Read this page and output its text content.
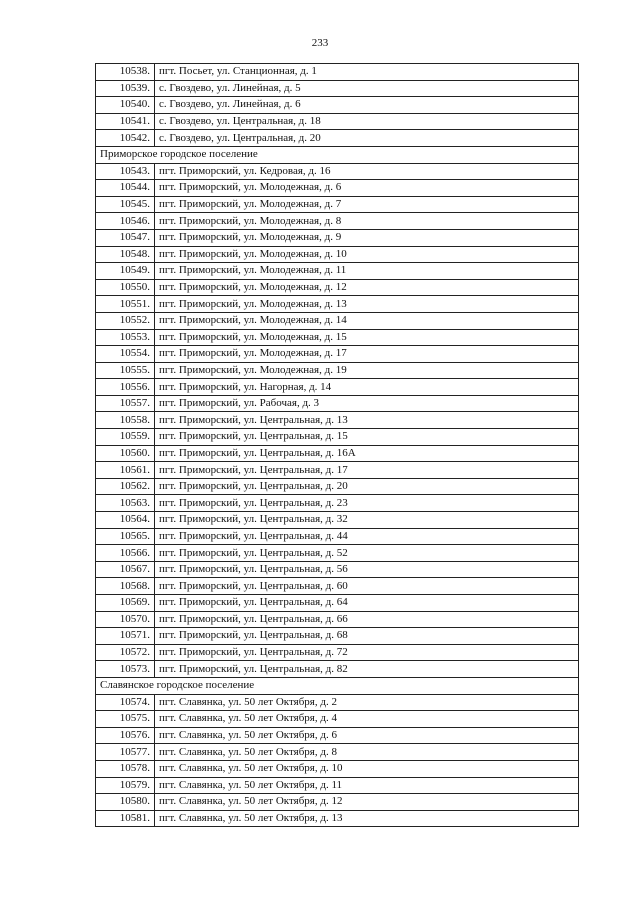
233
10538.	пгт. Посьет, ул. Станционная, д. 1
10539.	с. Гвоздево, ул. Линейная, д. 5
10540.	с. Гвоздево, ул. Линейная, д. 6
10541.	с. Гвоздево, ул. Центральная, д. 18
10542.	с. Гвоздево, ул. Центральная, д. 20
Приморское городское поселение	
10543.	пгт. Приморский, ул. Кедровая, д. 16
10544.	пгт. Приморский, ул. Молодежная, д. 6
10545.	пгт. Приморский, ул. Молодежная, д. 7
10546.	пгт. Приморский, ул. Молодежная, д. 8
10547.	пгт. Приморский, ул. Молодежная, д. 9
10548.	пгт. Приморский, ул. Молодежная, д. 10
10549.	пгт. Приморский, ул. Молодежная, д. 11
10550.	пгт. Приморский, ул. Молодежная, д. 12
10551.	пгт. Приморский, ул. Молодежная, д. 13
10552.	пгт. Приморский, ул. Молодежная, д. 14
10553.	пгт. Приморский, ул. Молодежная, д. 15
10554.	пгт. Приморский, ул. Молодежная, д. 17
10555.	пгт. Приморский, ул. Молодежная, д. 19
10556.	пгт. Приморский, ул. Нагорная, д. 14
10557.	пгт. Приморский, ул. Рабочая, д. 3
10558.	пгт. Приморский, ул. Центральная, д. 13
10559.	пгт. Приморский, ул. Центральная, д. 15
10560.	пгт. Приморский, ул. Центральная, д. 16А
10561.	пгт. Приморский, ул. Центральная, д. 17
10562.	пгт. Приморский, ул. Центральная, д. 20
10563.	пгт. Приморский, ул. Центральная, д. 23
10564.	пгт. Приморский, ул. Центральная, д. 32
10565.	пгт. Приморский, ул. Центральная, д. 44
10566.	пгт. Приморский, ул. Центральная, д. 52
10567.	пгт. Приморский, ул. Центральная, д. 56
10568.	пгт. Приморский, ул. Центральная, д. 60
10569.	пгт. Приморский, ул. Центральная, д. 64
10570.	пгт. Приморский, ул. Центральная, д. 66
10571.	пгт. Приморский, ул. Центральная, д. 68
10572.	пгт. Приморский, ул. Центральная, д. 72
10573.	пгт. Приморский, ул. Центральная, д. 82
Славянское городское поселение	
10574.	пгт. Славянка, ул. 50 лет Октября, д. 2
10575.	пгт. Славянка, ул. 50 лет Октября, д. 4
10576.	пгт. Славянка, ул. 50 лет Октября, д. 6
10577.	пгт. Славянка, ул. 50 лет Октября, д. 8
10578.	пгт. Славянка, ул. 50 лет Октября, д. 10
10579.	пгт. Славянка, ул. 50 лет Октября, д. 11
10580.	пгт. Славянка, ул. 50 лет Октября, д. 12
10581.	пгт. Славянка, ул. 50 лет Октября, д. 13
